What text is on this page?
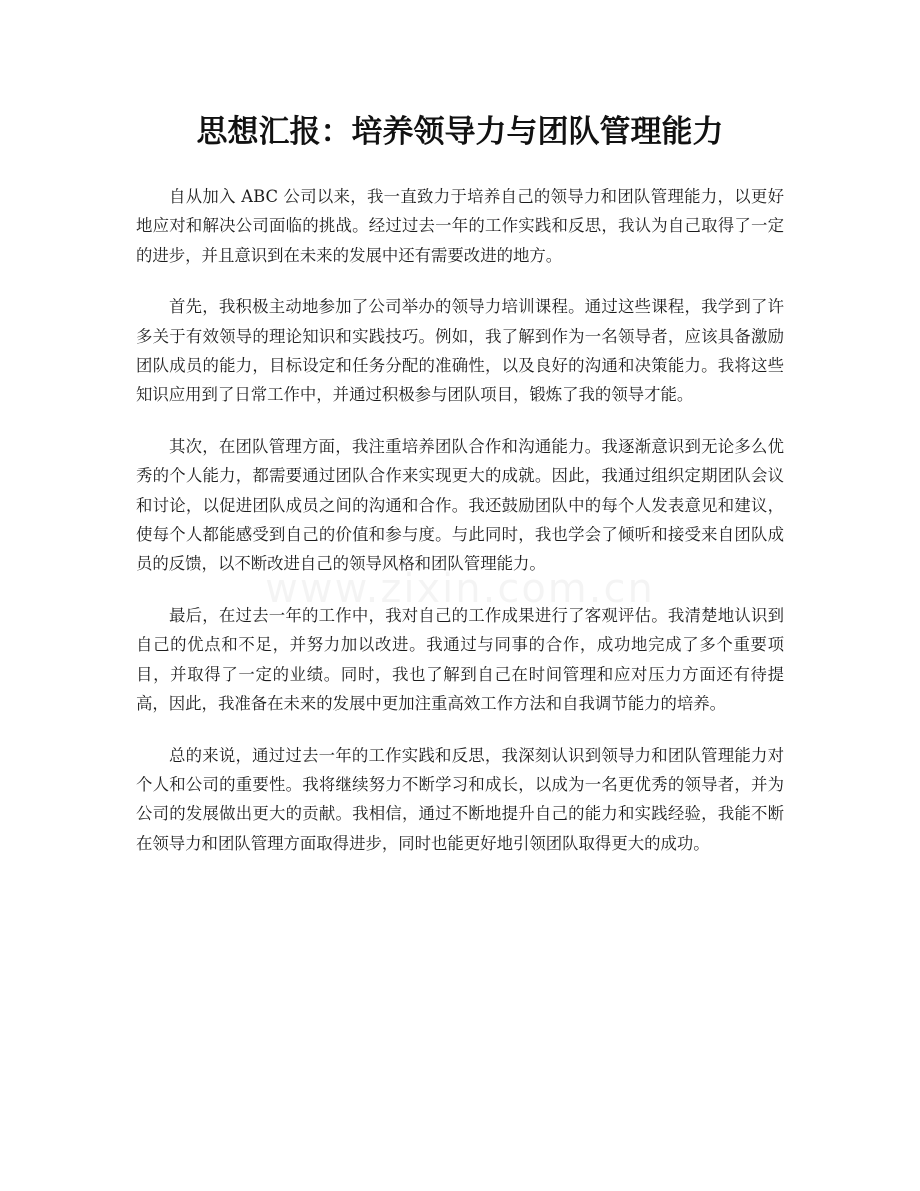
思想汇报：培养领导力与团队管理能力

自从加入 ABC 公司以来，我一直致力于培养自己的领导力和团队管理能力，以更好地应对和解决公司面临的挑战。经过过去一年的工作实践和反思，我认为自己取得了一定的进步，并且意识到在未来的发展中还有需要改进的地方。

首先，我积极主动地参加了公司举办的领导力培训课程。通过这些课程，我学到了许多关于有效领导的理论知识和实践技巧。例如，我了解到作为一名领导者，应该具备激励团队成员的能力，目标设定和任务分配的准确性，以及良好的沟通和决策能力。我将这些知识应用到了日常工作中，并通过积极参与团队项目，锻炼了我的领导才能。

其次，在团队管理方面，我注重培养团队合作和沟通能力。我逐渐意识到无论多么优秀的个人能力，都需要通过团队合作来实现更大的成就。因此，我通过组织定期团队会议和讨论，以促进团队成员之间的沟通和合作。我还鼓励团队中的每个人发表意见和建议，使每个人都能感受到自己的价值和参与度。与此同时，我也学会了倾听和接受来自团队成员的反馈，以不断改进自己的领导风格和团队管理能力。

最后，在过去一年的工作中，我对自己的工作成果进行了客观评估。我清楚地认识到自己的优点和不足，并努力加以改进。我通过与同事的合作，成功地完成了多个重要项目，并取得了一定的业绩。同时，我也了解到自己在时间管理和应对压力方面还有待提高，因此，我准备在未来的发展中更加注重高效工作方法和自我调节能力的培养。

总的来说，通过过去一年的工作实践和反思，我深刻认识到领导力和团队管理能力对个人和公司的重要性。我将继续努力不断学习和成长，以成为一名更优秀的领导者，并为公司的发展做出更大的贡献。我相信，通过不断地提升自己的能力和实践经验，我能不断在领导力和团队管理方面取得进步，同时也能更好地引领团队取得更大的成功。
